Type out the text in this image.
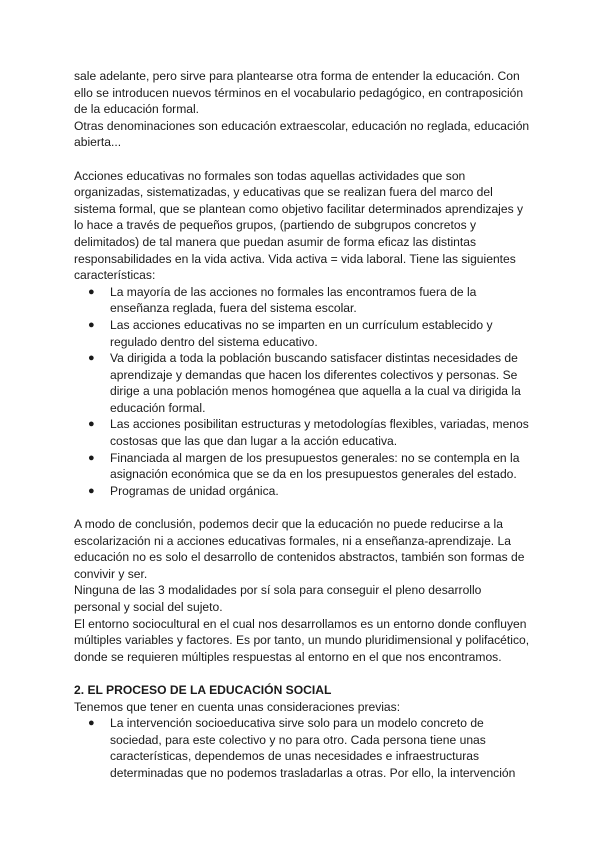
sale adelante, pero sirve para plantearse otra forma de entender la educación. Con ello se introducen nuevos términos en el vocabulario pedagógico, en contraposición de la educación formal.

Otras denominaciones son educación extraescolar, educación no reglada, educación abierta...

Acciones educativas no formales son todas aquellas actividades que son organizadas, sistematizadas, y educativas que se realizan fuera del marco del sistema formal, que se plantean como objetivo facilitar determinados aprendizajes y lo hace a través de pequeños grupos, (partiendo de subgrupos concretos y delimitados) de tal manera que puedan asumir de forma eficaz las distintas responsabilidades en la vida activa. Vida activa = vida laboral. Tiene las siguientes características:

● La mayoría de las acciones no formales las encontramos fuera de la enseñanza reglada, fuera del sistema escolar.
● Las acciones educativas no se imparten en un currículum establecido y regulado dentro del sistema educativo.
● Va dirigida a toda la población buscando satisfacer distintas necesidades de aprendizaje y demandas que hacen los diferentes colectivos y personas. Se dirige a una población menos homogénea que aquella a la cual va dirigida la educación formal.
● Las acciones posibilitan estructuras y metodologías flexibles, variadas, menos costosas que las que dan lugar a la acción educativa.
● Financiada al margen de los presupuestos generales: no se contempla en la asignación económica que se da en los presupuestos generales del estado.
● Programas de unidad orgánica.

A modo de conclusión, podemos decir que la educación no puede reducirse a la escolarización ni a acciones educativas formales, ni a enseñanza-aprendizaje. La educación no es solo el desarrollo de contenidos abstractos, también son formas de convivir y ser.

Ninguna de las 3 modalidades por sí sola para conseguir el pleno desarrollo personal y social del sujeto.

El entorno sociocultural en el cual nos desarrollamos es un entorno donde confluyen múltiples variables y factores. Es por tanto, un mundo pluridimensional y polifacético, donde se requieren múltiples respuestas al entorno en el que nos encontramos.

2. EL PROCESO DE LA EDUCACIÓN SOCIAL

Tenemos que tener en cuenta unas consideraciones previas:

● La intervención socioeducativa sirve solo para un modelo concreto de sociedad, para este colectivo y no para otro. Cada persona tiene unas características, dependemos de unas necesidades e infraestructuras determinadas que no podemos trasladarlas a otras. Por ello, la intervención
